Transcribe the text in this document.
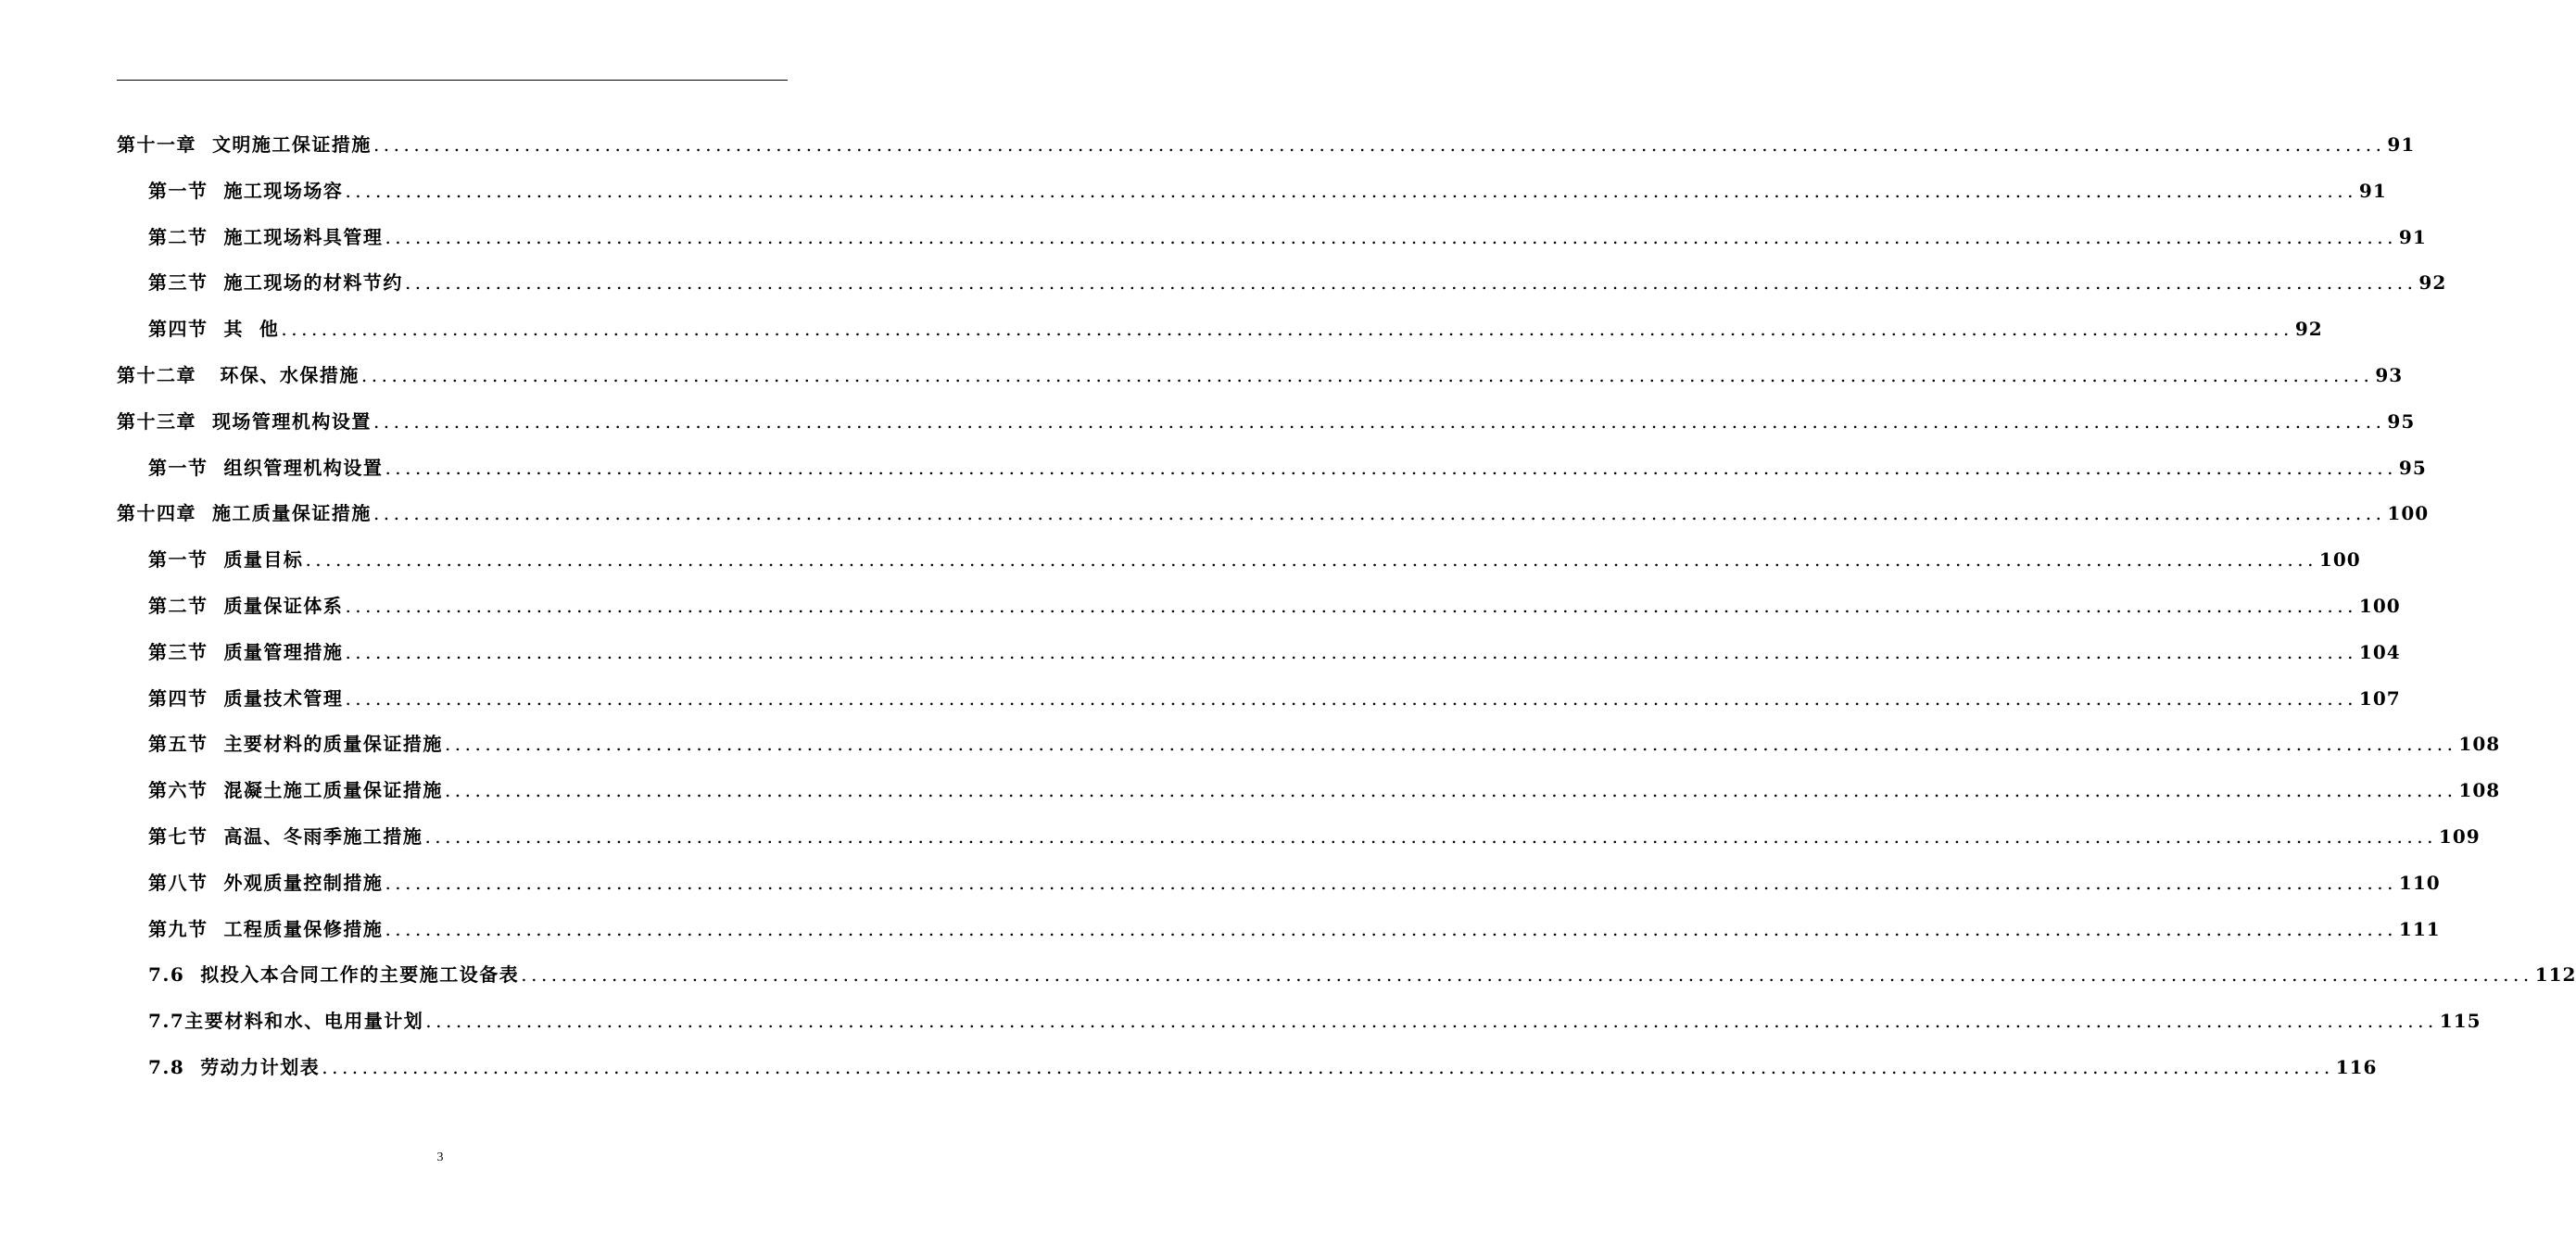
第十一章
文明施工保证措施 ........................................................................................................................................................................................................ 91
第一节
施工现场场容 ........................................................................................................................................................................................................ 91
第二节
施工现场料具管理 ........................................................................................................................................................................................................ 91
第三节
施工现场的材料节约 ........................................................................................................................................................................................................ 92
第四节
其  他 ........................................................................................................................................................................................................ 92
第十二章
环保、水保措施 ........................................................................................................................................................................................................ 93
第十三章
现场管理机构设置 ........................................................................................................................................................................................................ 95
第一节
组织管理机构设置 ........................................................................................................................................................................................................ 95
第十四章
施工质量保证措施 ........................................................................................................................................................................................................ 100
第一节
质量目标 ........................................................................................................................................................................................................ 100
第二节
质量保证体系 ........................................................................................................................................................................................................ 100
第三节
质量管理措施 ........................................................................................................................................................................................................ 104
第四节
质量技术管理 ........................................................................................................................................................................................................ 107
第五节
主要材料的质量保证措施 ........................................................................................................................................................................................................ 108
第六节
混凝土施工质量保证措施 ........................................................................................................................................................................................................ 108
第七节
高温、冬雨季施工措施 ........................................................................................................................................................................................................ 109
第八节
外观质量控制措施 ........................................................................................................................................................................................................ 110
第九节
工程质量保修措施 ........................................................................................................................................................................................................ 111
7.6
拟投入本合同工作的主要施工设备表 ........................................................................................................................................................................................................ 112
7.7 主要材料和水、电用量计划 ........................................................................................................................................................................................................ 115
7.8
劳动力计划表 ........................................................................................................................................................................................................ 116
3
